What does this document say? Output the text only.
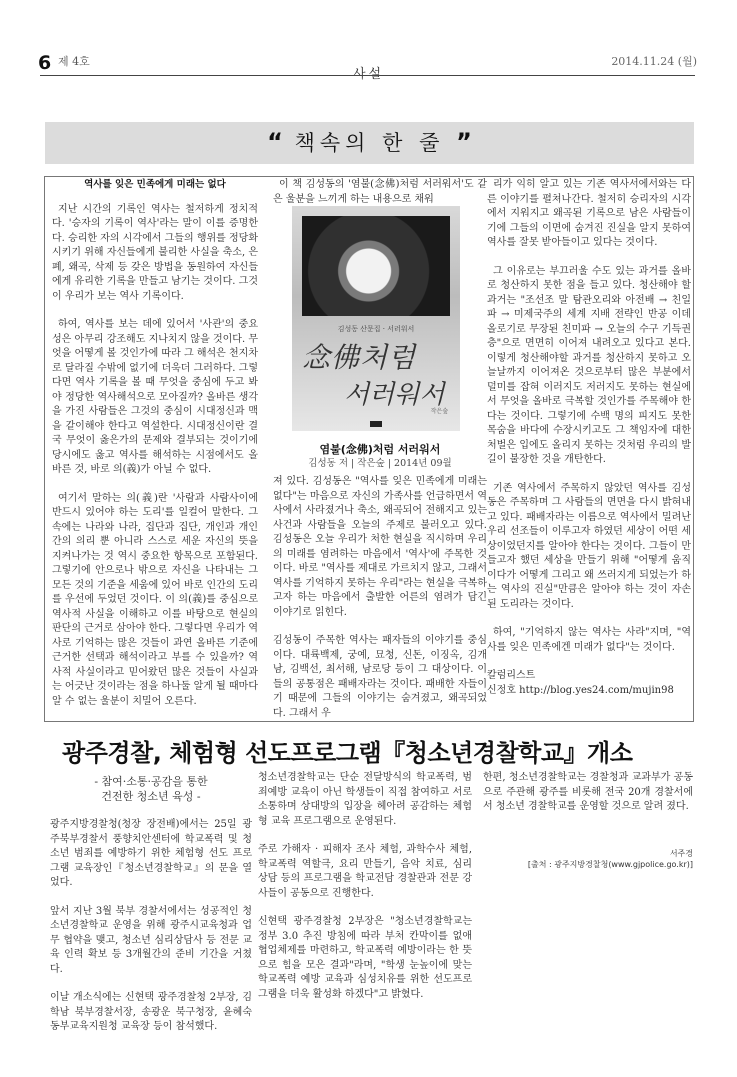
6 제 4호
사설
2014.11.24 (월)
“ 책속의 한 줄 ”
역사를 잊은 민족에게 미래는 없다

지난 시간의 기록인 역사는 철저하게 정치적다. '승자의 기록이 역사'라는 말이 이를 증명한다. 승리한 자의 시각에서 그들의 행위를 정당화시키기 위해 자신들에게 불리한 사실을 축소, 은폐, 왜곡, 삭제 등 갖은 방법을 동원하여 자신들에게 유리한 기록을 만들고 남기는 것이다. 그것이 우리가 보는 역사 기록이다.

하여, 역사를 보는 데에 있어서 '사관'의 중요성은 아무리 강조해도 지나치지 않을 것이다. 무엇을 어떻게 볼 것인가에 따라 그 해석은 천지차로 달라질 수밖에 없기에 더욱더 그러하다. 그렇다면 역사 기록을 볼 때 무엇을 중심에 두고 봐야 정당한 역사해석으로 모아질까? 올바른 생각을 가진 사람들은 그것의 중심이 시대정신과 맥을 같이해야 한다고 역설한다. 시대정신이란 결국 무엇이 옳은가의 문제와 결부되는 것이기에 당시에도 옳고 역사를 해석하는 시점에서도 올바른 것, 바로 의(義)가 아닐 수 없다.

여기서 말하는 의(義)란 '사람과 사람사이에 반드시 있어야 하는 도리'를 일컬어 말한다. 그 속에는 나라와 나라, 집단과 집단, 개인과 개인 간의 의리 뿐 아니라 스스로 세운 자신의 뜻을 지켜나가는 것 역시 중요한 항목으로 포함된다. 그렇기에 안으로나 밖으로 자신을 나타내는 그 모든 것의 기준을 세움에 있어 바로 인간의 도리를 우선에 두었던 것이다. 이 의(義)를 중심으로 역사적 사실을 이해하고 이를 바탕으로 현실의 판단의 근거로 삼아야 한다. 그렇다면 우리가 역사로 기억하는 많은 것들이 과연 올바른 기준에 근거한 선택과 해석이라고 부를 수 있을까? 역사적 사실이라고 믿어왔던 많은 것들이 사실과는 어긋난 것이라는 점을 하나둘 알게 될 때마다 알 수 없는 울분이 치밀어 오른다.

이 책 김성동의 '염불(念佛)처럼 서러워서'도 같은 울분을 느끼게 하는 내용으로 채워

김성동 산문집 · 서러워서
念佛처럼
서러워서
작은숲
염불(念佛)처럼 서러워서
김성동 저 | 작은숲 | 2014년 09월

져 있다. 김성동은 "역사를 잊은 민족에게 미래는 없다"는 마음으로 자신의 가족사를 언급하면서 역사에서 사라졌거나 축소, 왜곡되어 전해지고 있는 사건과 사람들을 오늘의 주제로 불러오고 있다. 김성동은 오늘 우리가 처한 현실을 직시하며 우리의 미래를 염려하는 마음에서 '역사'에 주목한 것이다. 바로 "역사를 제대로 가르치지 않고, 그래서 역사를 기억하지 못하는 우리"라는 현실을 극복하고자 하는 마음에서 출발한 어른의 염려가 담긴 이야기로 읽힌다.

김성동이 주목한 역사는 패자들의 이야기를 중심이다. 대륙백제, 궁예, 묘청, 신돈, 이징옥, 김개남, 김백선, 최서해, 남로당 등이 그 대상이다. 이들의 공통점은 패배자라는 것이다. 패배한 자들이기 때문에 그들의 이야기는 숨겨졌고, 왜곡되었다. 그래서 우

리가 익히 알고 있는 기존 역사서에서와는 다른 이야기를 펼쳐나간다. 철저히 승리자의 시각에서 지워지고 왜곡된 기록으로 남은 사람들이기에 그들의 이면에 숨겨진 진실을 알지 못하여 역사를 잘못 받아들이고 있다는 것이다.

그 이유로는 부끄러울 수도 있는 과거를 올바로 청산하지 못한 점을 들고 있다. 청산해야 할 과거는 "조선조 말 탐관오리와 아전배 → 친일파 → 미제국주의 세계 지배 전략인 반공 이데올로기로 무장된 친미파 → 오늘의 수구 기득권층"으로 면면히 이어져 내려오고 있다고 본다. 이렇게 청산해야할 과거를 청산하지 못하고 오늘날까지 이어져온 것으로부터 많은 부분에서 덜미를 잡혀 이러지도 저러지도 못하는 현실에서 무엇을 올바로 극복할 것인가를 주목해야 한다는 것이다. 그렇기에 수백 명의 피지도 못한 목숨을 바다에 수장시키고도 그 책임자에 대한 처벌은 입에도 올리지 못하는 것처럼 우리의 발길이 불장한 것을 개탄한다.

기존 역사에서 주목하지 않았던 역사를 김성동은 주목하며 그 사람들의 면면을 다시 밝혀내고 있다. 패배자라는 이름으로 역사에서 밀려난 우리 선조들이 이루고자 하였던 세상이 어떤 세상이었던지를 알아야 한다는 것이다. 그들이 만들고자 했던 세상을 만들기 위해 "어떻게 움직이다가 어떻게 그리고 왜 쓰러지게 되었는가 하는 역사의 진실"만큼은 알아야 하는 것이 자손 된 도리라는 것이다.

하여, "기억하지 않는 역사는 사라"지며, "역사를 잊은 민족에겐 미래가 없다"는 것이다.

칼럼리스트

신정호 http://blog.yes24.com/mujin98

광주경찰, 체험형 선도프로그램『청소년경찰학교』개소
- 참여·소통·공감을 통한
건전한 청소년 육성 -

광주지방경찰청(청장 장전배)에서는 25일 광주북부경찰서 풍향치안센터에 학교폭력 및 청소년 범죄를 예방하기 위한 체험형 선도 프로그램 교육장인『청소년경찰학교』의 문을 열었다.

앞서 지난 3월 북부 경찰서에서는 성공적인 청소년경찰학교 운영을 위해 광주시교육청과 업무 협약을 맺고, 청소년 심리상담사 등 전문 교육 인력 확보 등 3개월간의 준비 기간을 거쳤다.

이날 개소식에는 신현택 광주경찰청 2부장, 김학남 북부경찰서장, 송광운 북구청장, 윤혜숙 동부교육지원청 교육장 등이 참석했다.

청소년경찰학교는 단순 전달방식의 학교폭력, 범죄예방 교육이 아닌 학생들이 직접 참여하고 서로 소통하며 상대방의 입장을 헤아려 공감하는 체험형 교육 프로그램으로 운영된다.

주로 가해자 · 피해자 조사 체험, 과학수사 체험, 학교폭력 역할극, 요리 만들기, 음악 치료, 심리 상담 등의 프로그램을 학교전담 경찰관과 전문 강사들이 공동으로 진행한다.

신현택 광주경찰청 2부장은 "청소년경찰학교는 정부 3.0 추진 방침에 따라 부처 칸막이를 없애 협업체제를 마련하고, 학교폭력 예방이라는 한 뜻으로 힘을 모은 결과"라며, "학생 눈높이에 맞는 학교폭력 예방 교육과 심성치유를 위한 선도프로그램을 더욱 활성화 하겠다"고 밝혔다.

한편, 청소년경찰학교는 경찰청과 교과부가 공동으로 주관해 광주를 비롯해 전국 20개 경찰서에서 청소년 경찰학교를 운영할 것으로 알려 졌다.

서주경
[출처 : 광주지방경찰청(www.gjpolice.go.kr)]
